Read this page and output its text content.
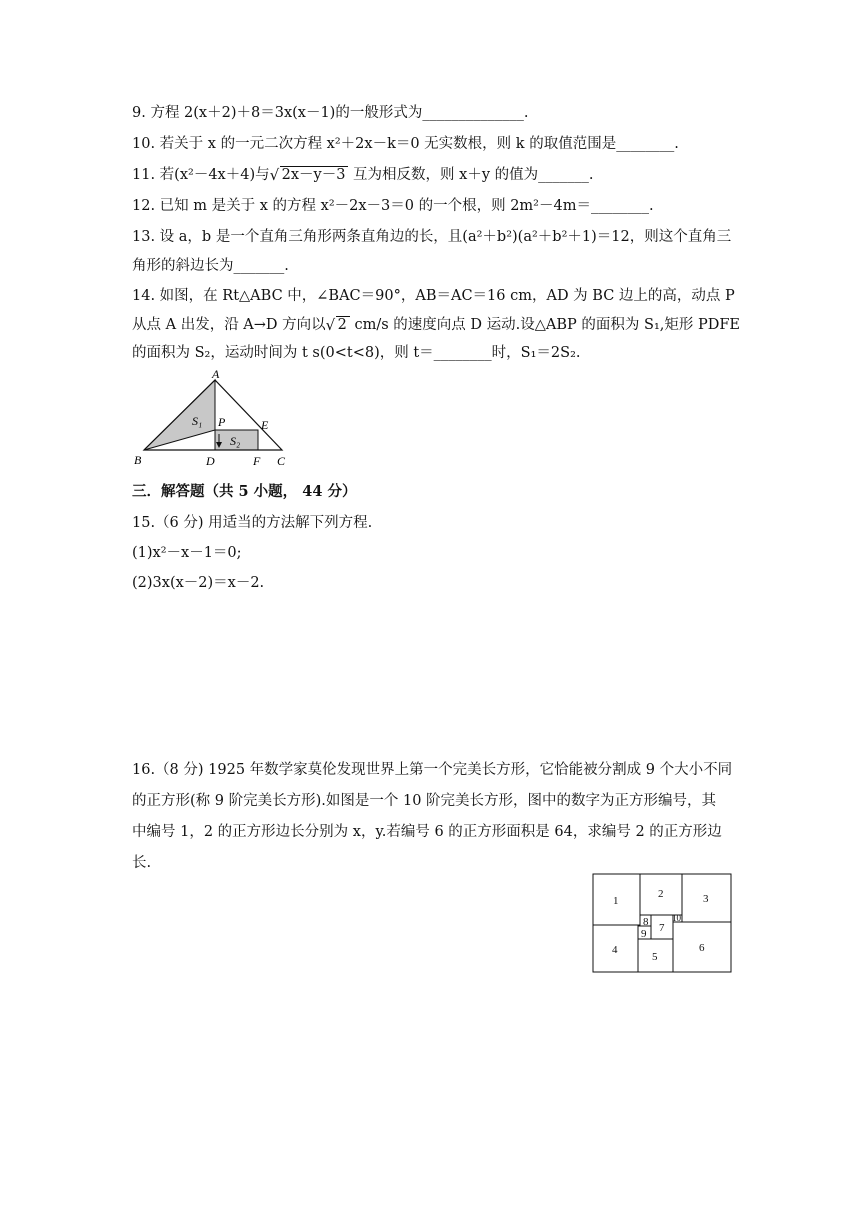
9. 方程 2(x＋2)＋8＝3x(x－1)的一般形式为______________.
10. 若关于 x 的一元二次方程 x²＋2x－k＝0 无实数根，则 k 的取值范围是________.
11. 若(x²－4x＋4)与 √ 2x－y－3 互为相反数，则 x＋y 的值为_______.
12. 已知 m 是关于 x 的方程 x²－2x－3＝0 的一个根，则 2m²－4m＝________.
13. 设 a，b 是一个直角三角形两条直角边的长，且(a²＋b²)(a²＋b²＋1)＝12，则这个直角三
角形的斜边长为_______.
14. 如图，在 Rt△ABC 中，∠BAC＝90°，AB＝AC＝16 cm，AD 为 BC 边上的高，动点 P
从点 A 出发，沿 A→D 方向以 √ 2 cm/s 的速度向点 D 运动.设△ABP 的面积为 S₁,矩形 PDFE
的面积为 S₂，运动时间为 t s(0<t<8)，则 t＝________时，S₁＝2S₂.
A
B	C
D
E
F
P
S₁
S₂
三．解答题（共 5 小题， 44 分）
15.（6 分) 用适当的方法解下列方程.
(1)x²－x－1＝0;
(2)3x(x－2)＝x－2.
16.（8 分) 1925 年数学家莫伦发现世界上第一个完美长方形，它恰能被分割成 9 个大小不同
的正方形(称 9 阶完美长方形).如图是一个 10 阶完美长方形，图中的数字为正方形编号，其
中编号 1，2 的正方形边长分别为 x，y.若编号 6 的正方形面积是 64，求编号 2 的正方形边
长.
1
2	3
4
5
6
7
8
9
10
